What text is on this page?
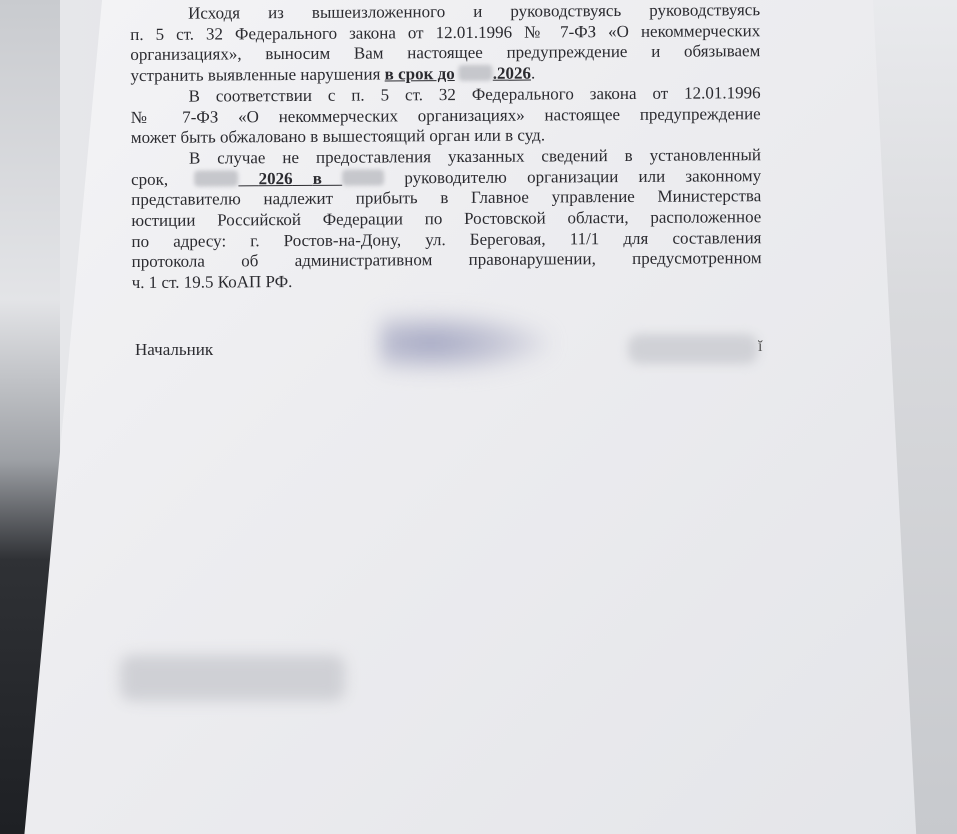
Исходя из вышеизложенного и руководствуясь руководствуясь
п. 5 ст. 32 Федерального закона от 12.01.1996 № 7-ФЗ «О некоммерческих
организациях», выносим Вам настоящее предупреждение и обязываем
устранить выявленные нарушения в срок до .2026.
В соответствии с п. 5 ст. 32 Федерального закона от 12.01.1996
№ 7-ФЗ «О некоммерческих организациях» настоящее предупреждение
может быть обжаловано в вышестоящий орган или в суд.
В случае не предоставления указанных сведений в установленный
срок,	2026 в	руководителю организации или законному
представителю надлежит прибыть в Главное управление Министерства
юстиции Российской Федерации по Ростовской области, расположенное
по адресу: г. Ростов-на-Дону, ул. Береговая, 11/1 для составления
протокола об административном правонарушении, предусмотренном
ч. 1 ст. 19.5 КоАП РФ.
Начальник	ĭ
